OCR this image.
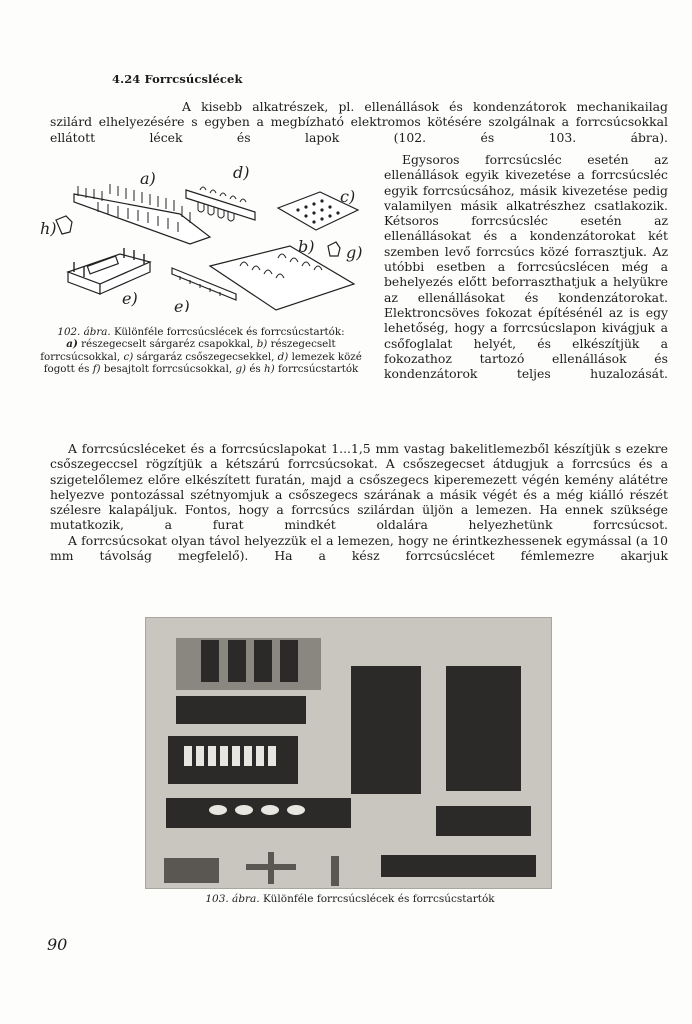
4.24 Forrcsúcslécek
A kisebb alkatrészek, pl. ellenállások és kondenzátorok mechanikailag szilárd elhelyezésére s egyben a megbízható elektromos kötésére szolgálnak a forrcsúcsokkal ellátott lécek és lapok (102. és 103. ábra).
a)	d)
c)
h)
e) e)
b) g)
102. ábra. Különféle forrcsúcslécek és forrcsúcstartók:
a) részegecselt sárgaréz csapokkal, b) részegecselt forrcsúcsokkal, c) sárgaráz csőszegecsekkel, d) lemezek közé fogott és f) besajtolt forrcsúcsokkal, g) és h) forrcsúcstartók
Egysoros forrcsúcsléc esetén az ellenállások egyik kivezetése a forrcsúcsléc egyik forrcsúcsához, másik kivezetése pedig valamilyen másik alkatrészhez csatlakozik. Kétsoros forrcsúcsléc esetén az ellenállásokat és a kondenzátorokat két szemben levő forrcsúcs közé forrasztjuk. Az utóbbi esetben a forrcsúcslécen még a behelyezés előtt beforraszthatjuk a helyükre az ellenállásokat és kondenzátorokat. Elektroncsöves fokozat építésénél az is egy lehetőség, hogy a forrcsúcslapon kivágjuk a csőfoglalat helyét, és elkészítjük a fokozathoz tartozó ellenállások és kondenzátorok teljes huzalozását.
A forrcsúcsléceket és a forrcsúcslapokat 1...1,5 mm vastag bakelitlemezből készítjük s ezekre csőszegeccsel rögzítjük a kétszárú forrcsúcsokat. A csőszegecset átdugjuk a forrcsúcs és a szigetelőlemez előre elkészített furatán, majd a csőszegecs kiperemezett végén kemény alátétre helyezve pontozással szétnyomjuk a csőszegecs szárának a másik végét és a még kiálló részét szélesre kalapáljuk. Fontos, hogy a forrcsúcs szilárdan üljön a lemezen. Ha ennek szüksége mutatkozik, a furat mindkét oldalára helyezhetünk forrcsúcsot.
A forrcsúcsokat olyan távol helyezzük el a lemezen, hogy ne érintkezhessenek egymással (a 10 mm távolság megfelelő). Ha a kész forrcsúcslécet fémlemezre akarjuk
103. ábra. Különféle forrcsúcslécek és forrcsúcstartók
90
